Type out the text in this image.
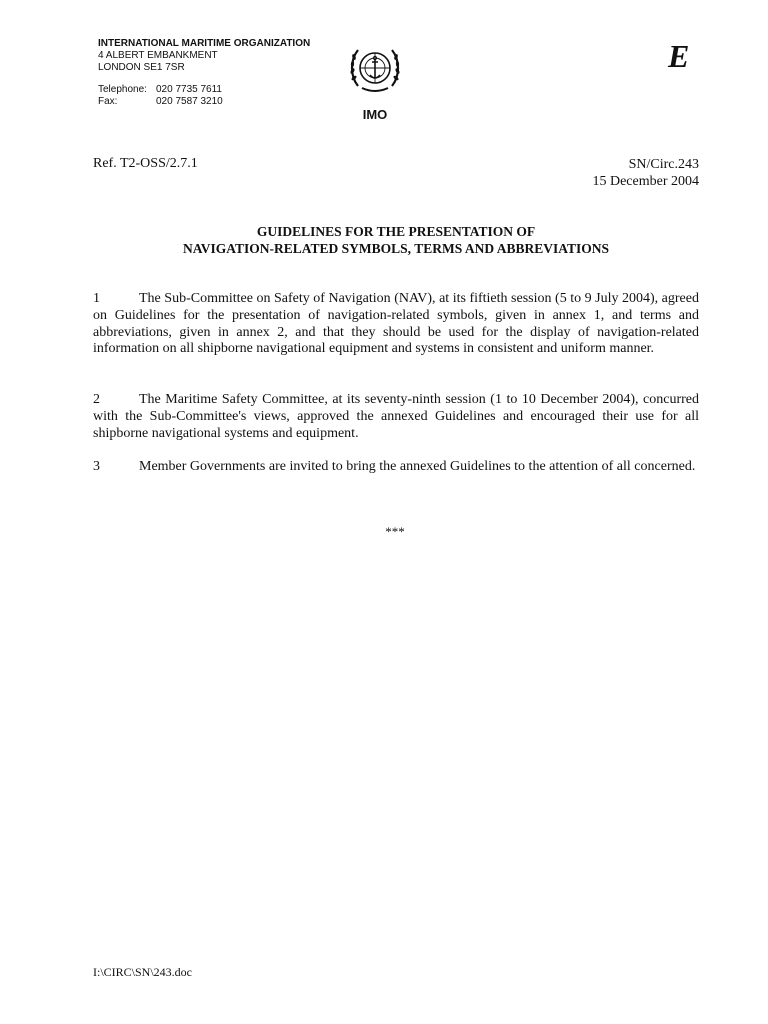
INTERNATIONAL MARITIME ORGANIZATION
4 ALBERT EMBANKMENT
LONDON SE1 7SR
Telephone: 020 7735 7611
Fax:	020 7587 3210
IMO
E
Ref. T2-OSS/2.7.1	SN/Circ.243
15 December 2004
GUIDELINES FOR THE PRESENTATION OF
NAVIGATION-RELATED SYMBOLS, TERMS AND ABBREVIATIONS
1	The Sub-Committee on Safety of Navigation (NAV), at its fiftieth session (5 to 9 July 2004), agreed on Guidelines for the presentation of navigation-related symbols, given in annex 1, and terms and abbreviations, given in annex 2, and that they should be used for the display of navigation-related information on all shipborne navigational equipment and systems in consistent and uniform manner.
2	The Maritime Safety Committee, at its seventy-ninth session (1 to 10 December 2004), concurred with the Sub-Committee's views, approved the annexed Guidelines and encouraged their use for all shipborne navigational systems and equipment.
3	Member Governments are invited to bring the annexed Guidelines to the attention of all concerned.
***
I:\CIRC\SN\243.doc
